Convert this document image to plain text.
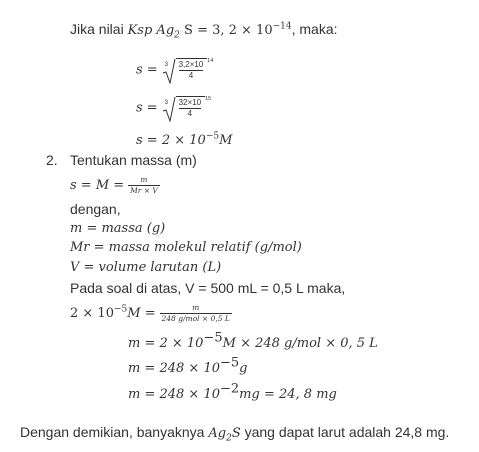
Jika nilai Ksp $Ag_2$ S = 3, $2 \times 10^{-14}$, maka:
$s = 3 \frac{3,2\times 10 14}{4}$
$s = 3 \frac{32\times 10 15}{4}$
$s = 2 \times 10^{-5}M$
2. Tentukan massa (m)
$s = M = \frac{m}{Mr \times V}$
dengan,
m = massa (g)
Mr = massa molekul relatif (g/mol)
V = volume larutan (L)
Pada soal di atas, V = 500 mL = 0,5 L maka,
$2 \times 10^{-5}M = \frac{m}{\text{248 g/mol × 0,5 L}}$
$m = 2 \times 10^{-5}M \times 248$ g/mol × 0, 5 L
$m = 248 \times 10^{-5}g$
$m = 248 \times 10^{-2}mg = 24$, 8 mg
Dengan demikian, banyaknya $Ag_2S$ yang dapat larut adalah 24,8 mg.
